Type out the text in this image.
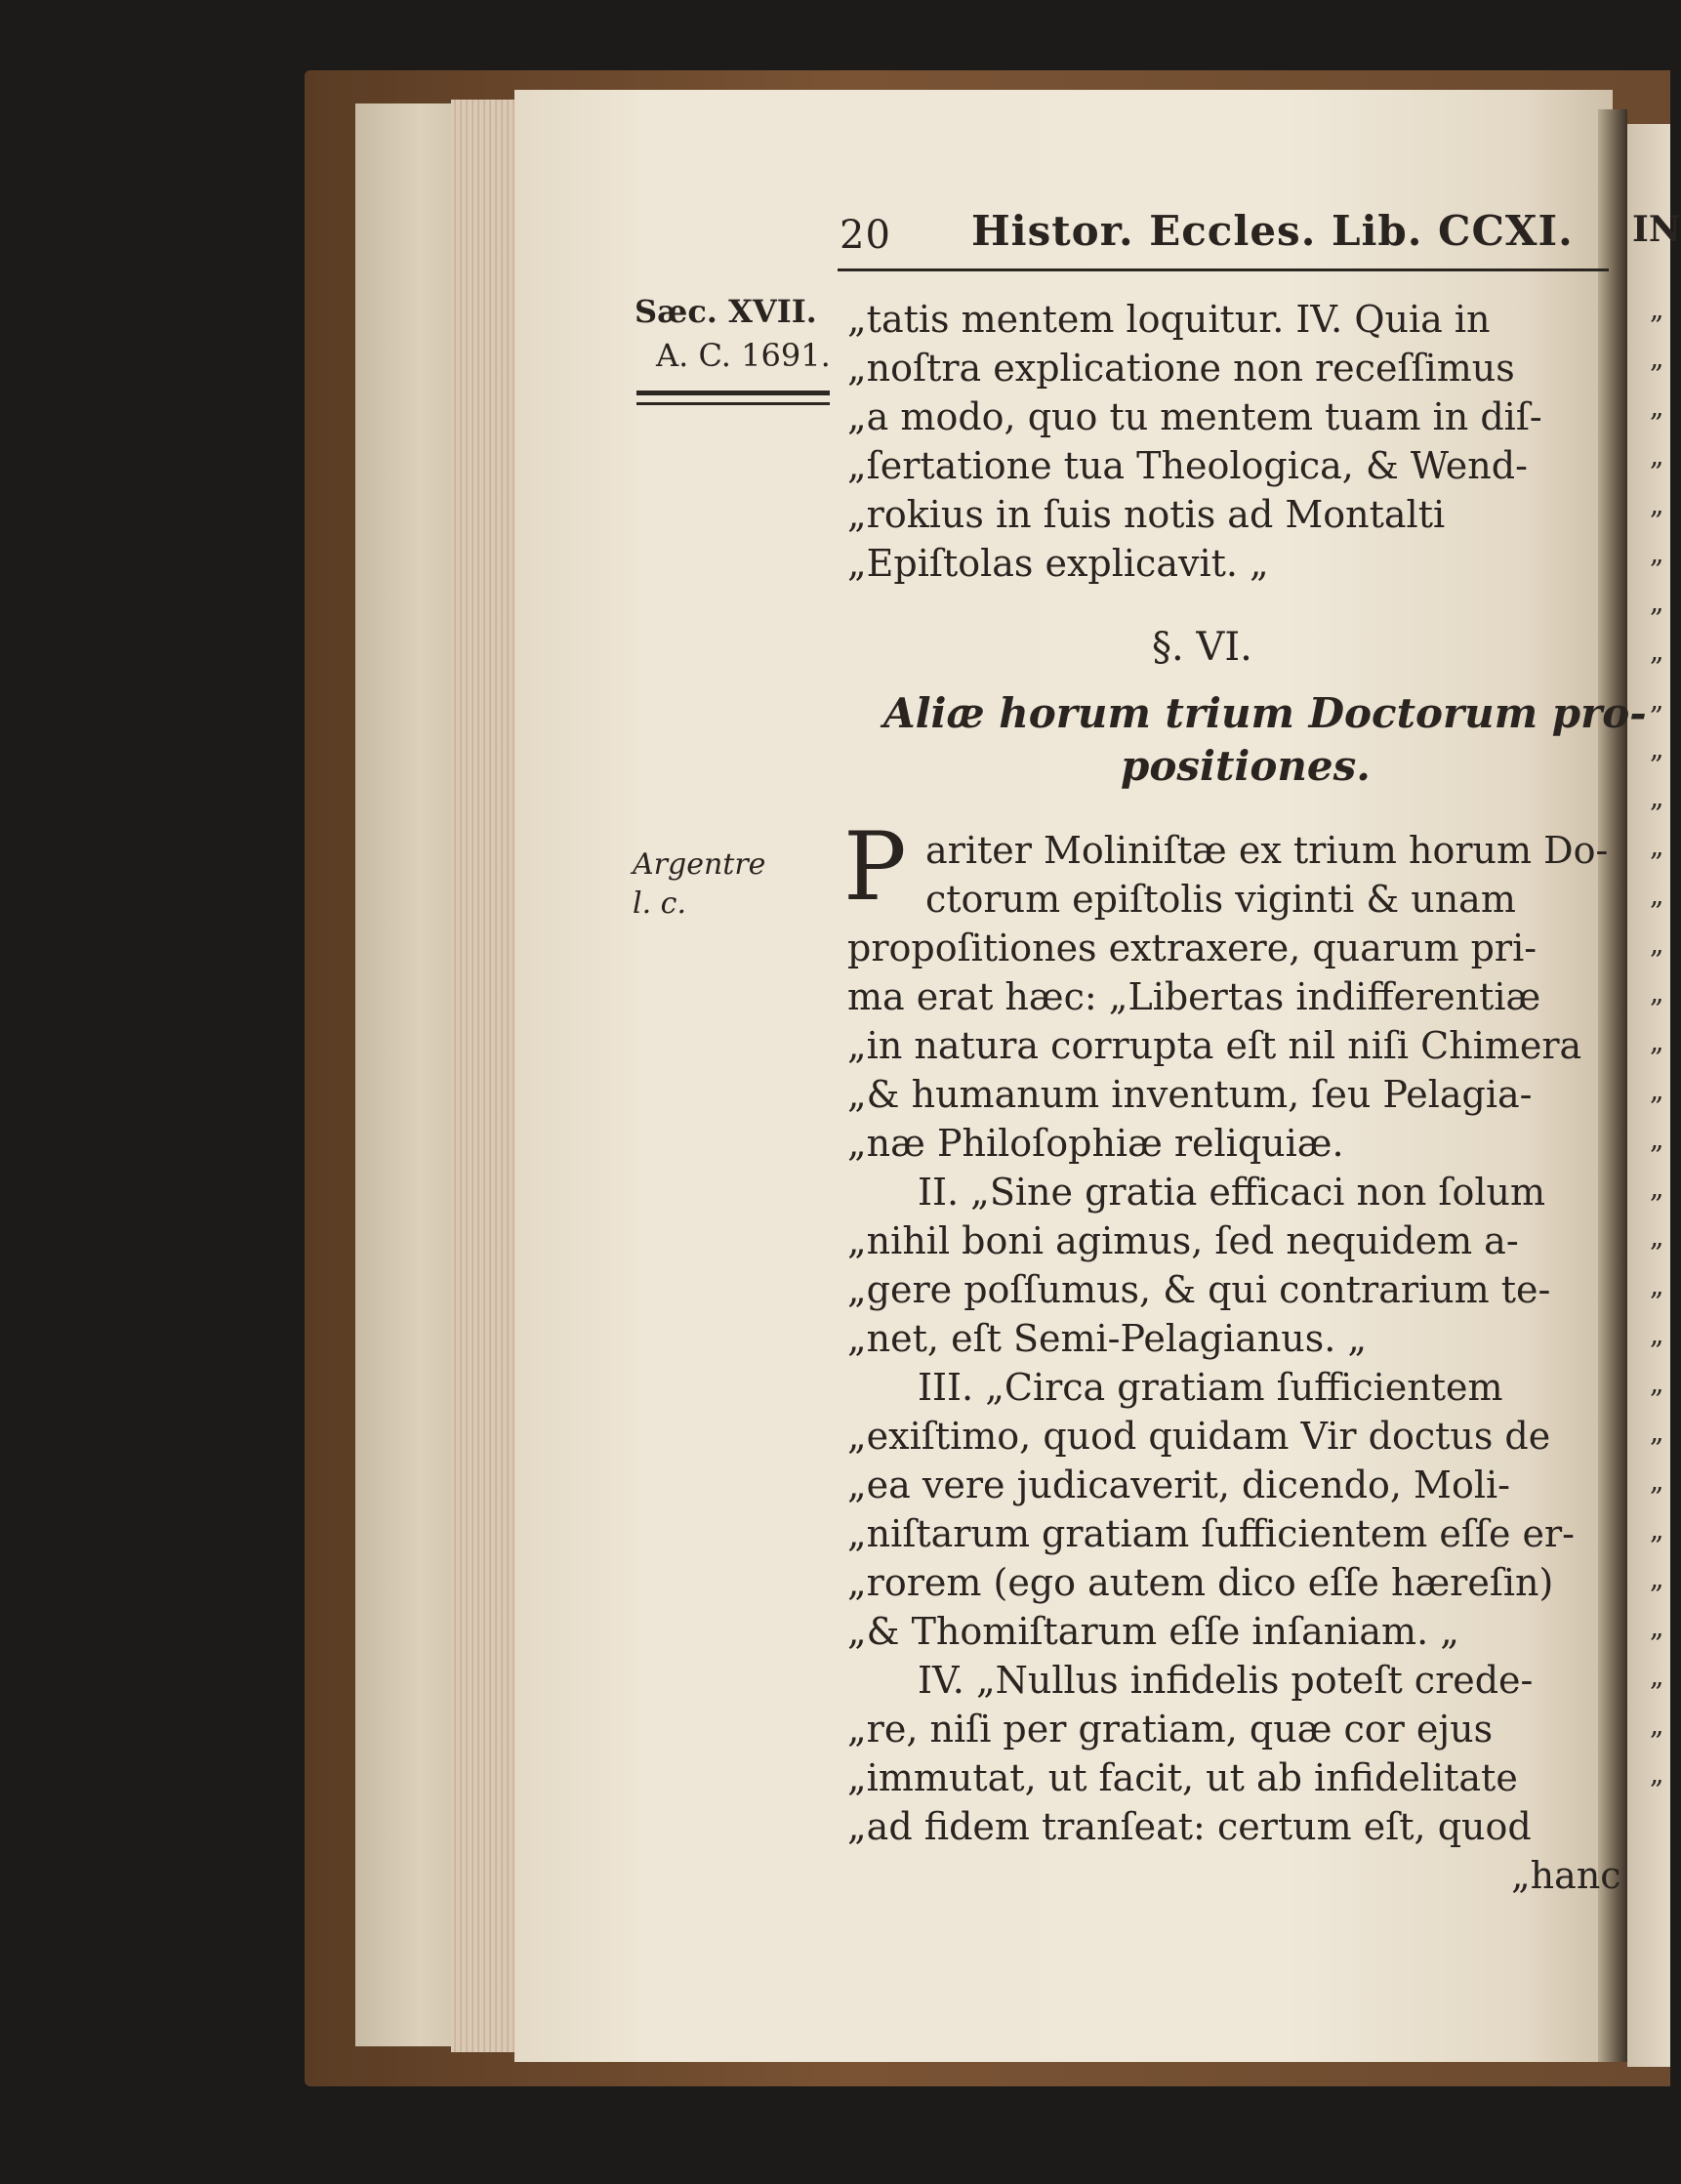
20 Histor. Eccles. Lib. CCXI. IN
Sæc. XVII.
A. C. 1691.
Argentre
l. c.
„tatis mentem loquitur. IV. Quia in
„noſtra explicatione non receſſimus
„a modo, quo tu mentem tuam in diſ-
„ſertatione tua Theologica, & Wend-
„rokius in ſuis notis ad Montalti
„Epiſtolas explicavit. „
§. VI.
Aliæ horum trium Doctorum pro-
positiones.
P ariter Moliniſtæ ex trium horum Do-
ctorum epiſtolis viginti & unam
propoſitiones extraxere, quarum pri-
ma erat hæc: „Libertas indifferentiæ
„in natura corrupta eſt nil niſi Chimera
„& humanum inventum, ſeu Pelagia-
„næ Philoſophiæ reliquiæ.
II. „Sine gratia efficaci non ſolum
„nihil boni agimus, ſed nequidem a-
„gere poſſumus, & qui contrarium te-
„net, eſt Semi-Pelagianus. „
III. „Circa gratiam ſufficientem
„exiſtimo, quod quidam Vir doctus de
„ea vere judicaverit, dicendo, Moli-
„niſtarum gratiam ſufficientem eſſe er-
„rorem (ego autem dico eſſe hæreſin)
„& Thomiſtarum eſſe inſaniam. „
IV. „Nullus infidelis poteſt crede-
„re, niſi per gratiam, quæ cor ejus
„immutat, ut facit, ut ab infidelitate
„ad fidem tranſeat: certum eſt, quod
„hanc
„
„
„
„
„
„
„
„
„
„
„
„
„
„
„
„
„
„
„
„
„
„
„
„
„
„
„
„
„
„
„
